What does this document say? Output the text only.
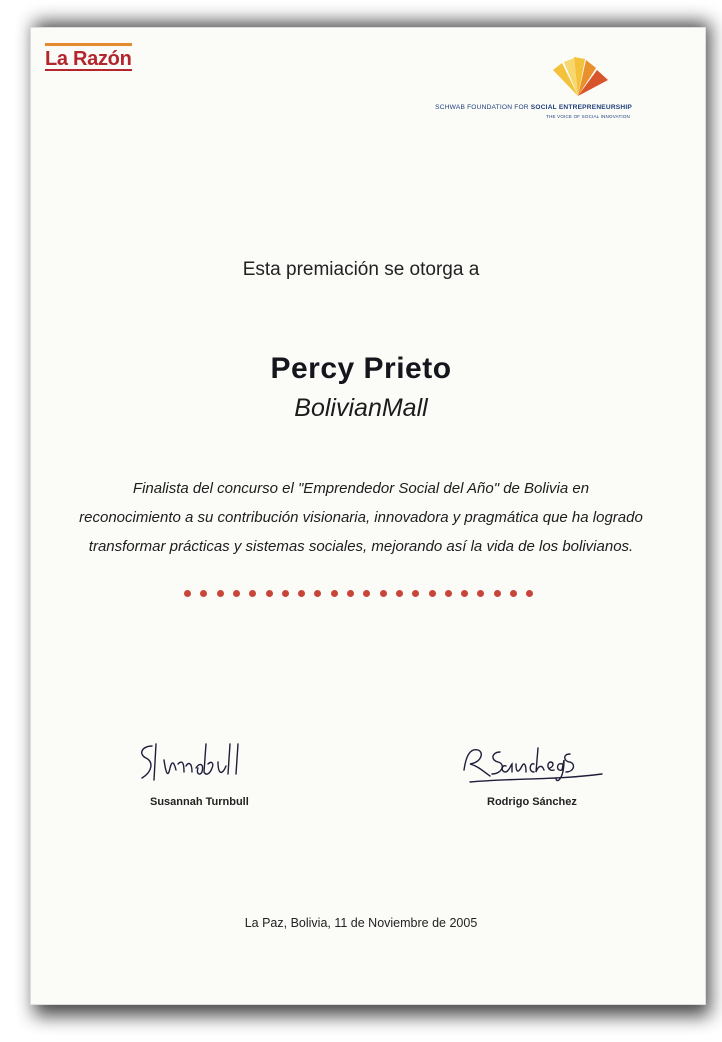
La Razón
SCHWAB FOUNDATION FOR SOCIAL ENTREPRENEURSHIP
THE VOICE OF SOCIAL INNOVATION
Esta premiación se otorga a
Percy Prieto
BolivianMall
Finalista del concurso el "Emprendedor Social del Año" de Bolivia en
reconocimiento a su contribución visionaria, innovadora y pragmática que ha logrado
transformar prácticas y sistemas sociales, mejorando así la vida de los bolivianos.
Susannah Turnbull	Rodrigo Sánchez
La Paz, Bolivia, 11 de Noviembre de 2005
